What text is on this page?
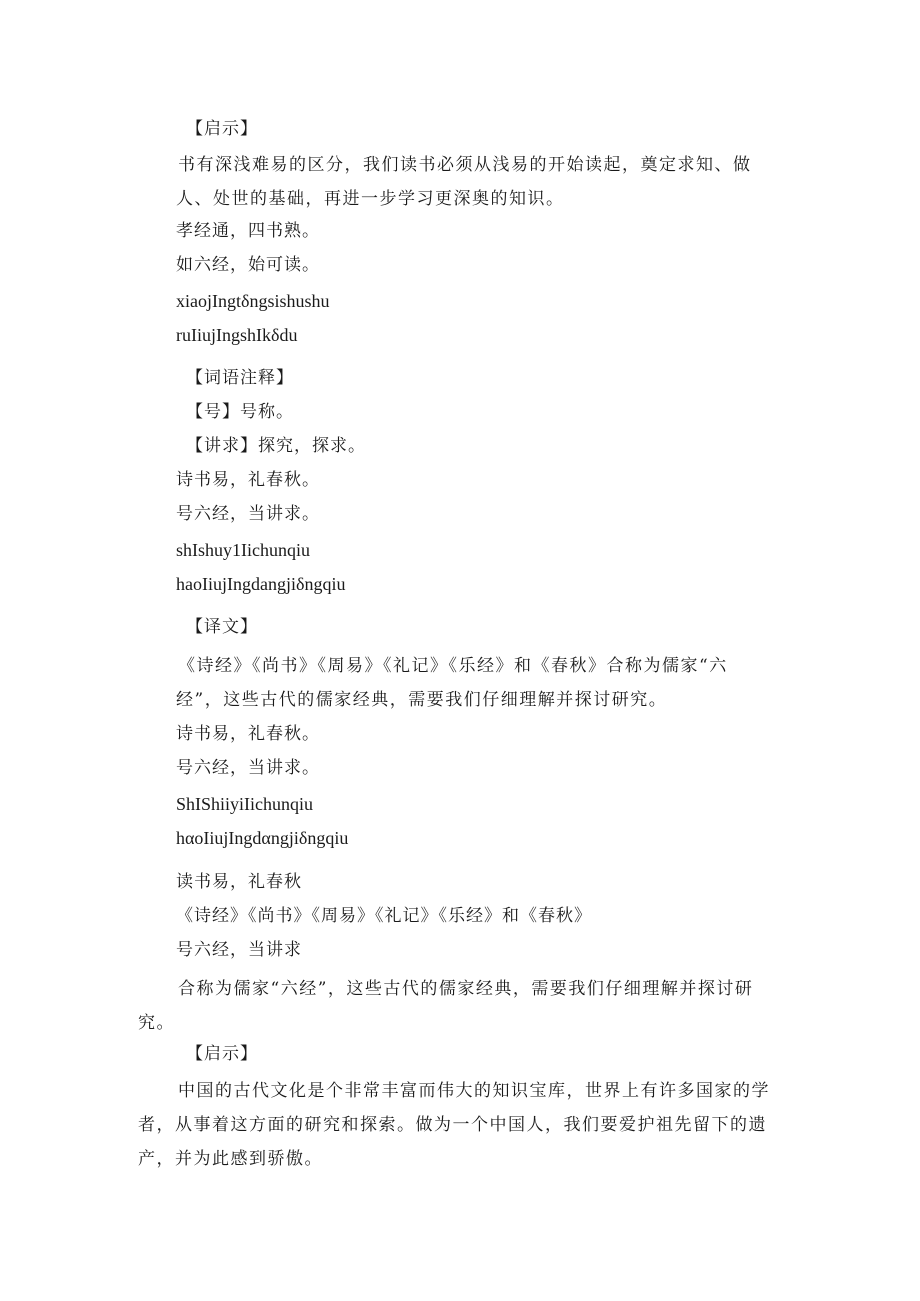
【启示】
书有深浅难易的区分，我们读书必须从浅易的开始读起，奠定求知、做人、处世的基础，再进一步学习更深奥的知识。
孝经通，四书熟。
如六经，始可读。
xiaojIngtδngsishushu
ruIiujIngshIkδdu
【词语注释】
【号】号称。
【讲求】探究，探求。
诗书易，礼春秋。
号六经，当讲求。
shIshuy1Iichunqiu
haoIiujIngdangjiδngqiu
【译文】
《诗经》《尚书》《周易》《礼记》《乐经》和《春秋》合称为儒家“六经”，这些古代的儒家经典，需要我们仔细理解并探讨研究。
诗书易，礼春秋。
号六经，当讲求。
ShIShiiyiIichunqiu
hαoIiujIngdαngjiδngqiu
读书易，礼春秋
《诗经》《尚书》《周易》《礼记》《乐经》和《春秋》
号六经，当讲求
合称为儒家“六经”，这些古代的儒家经典，需要我们仔细理解并探讨研究。
【启示】
中国的古代文化是个非常丰富而伟大的知识宝库，世界上有许多国家的学者，从事着这方面的研究和探索。做为一个中国人，我们要爱护祖先留下的遗产，并为此感到骄傲。
